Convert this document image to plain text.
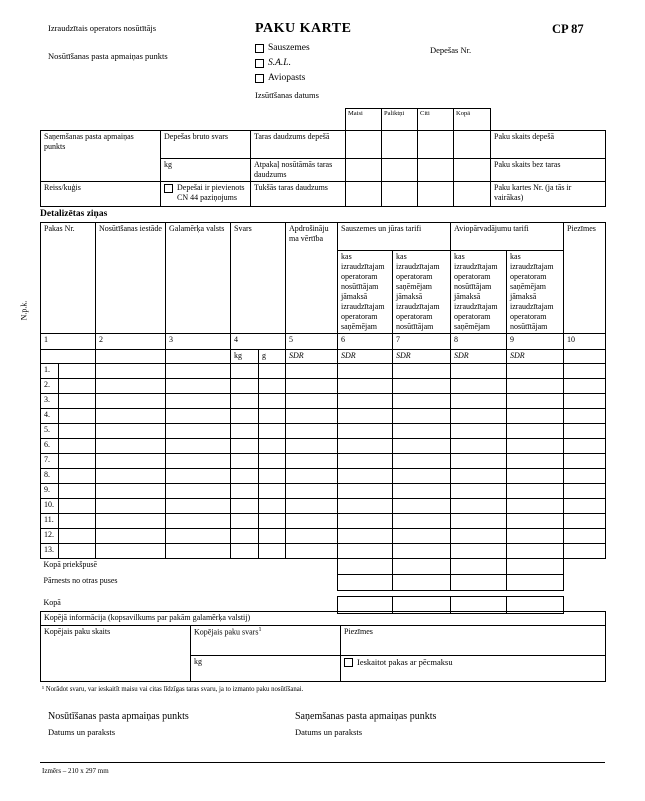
Izraudzītais operators nosūtītājs
Nosūtīšanas pasta apmaiņas punkts
PAKU KARTE
Sauszemes
S.A.L.
Aviopasts
Izsūtīšanas datums
Depešas Nr.
CP 87
Maisi	Paliktņi	Citi	Kopā
Saņemšanas pasta apmaiņas punkts	Depešas bruto svars	Taras daudzums depešā					Paku skaits depešā
	kg	Atpakaļ nosūtāmās taras daudzums					Paku skaits bez taras
Reiss/kuģis	Depešai ir pievienots CN 44 paziņojums	Tukšās taras daudzums					Paku kartes Nr. (ja tās ir vairākas)
Detalizētas ziņas
N.p.k.
Pakas Nr.		Nosūtīšanas iestāde	Galamērķa valsts	Svars		Apdrošinājuma vērtība	Sauszemes un jūras tarifi		Aviopārvadājumu tarifi		Piezīmes
							kas izraudzītajam operatoram nosūtītājam jāmaksā izraudzītajam operatoram saņēmējam	kas izraudzītajam operatoram saņēmējam jāmaksā izraudzītajam operatoram nosūtītājam	kas izraudzītajam operatoram nosūtītājam jāmaksā izraudzītajam operatoram saņēmējam	kas izraudzītajam operatoram saņēmējam jāmaksā izraudzītajam operatoram nosūtītājam	
1		2	3	4		5	6	7	8	9	10
				kg	g	SDR	SDR	SDR	SDR	SDR	
1.											
2.											
3.											
4.											
5.											
6.											
7.											
8.											
9.											
10.											
11.											
12.											
13.											
Kopā priekšpusē											
Pārnests no otras puses											

Kopā											
Kopējā informācija (kopsavilkums par pakām galamērķa valstij)		
Kopējais paku skaits	Kopējais paku svars$^1$	Piezīmes
	kg	Ieskaitot pakas ar pēcmaksu
¹ Norādot svaru, var ieskaitīt maisu vai citas līdzīgas taras svaru, ja to izmanto paku nosūtīšanai.
Nosūtīšanas pasta apmaiņas punkts
Datums un paraksts
Saņemšanas pasta apmaiņas punkts
Datums un paraksts
Izmērs – 210 x 297 mm
